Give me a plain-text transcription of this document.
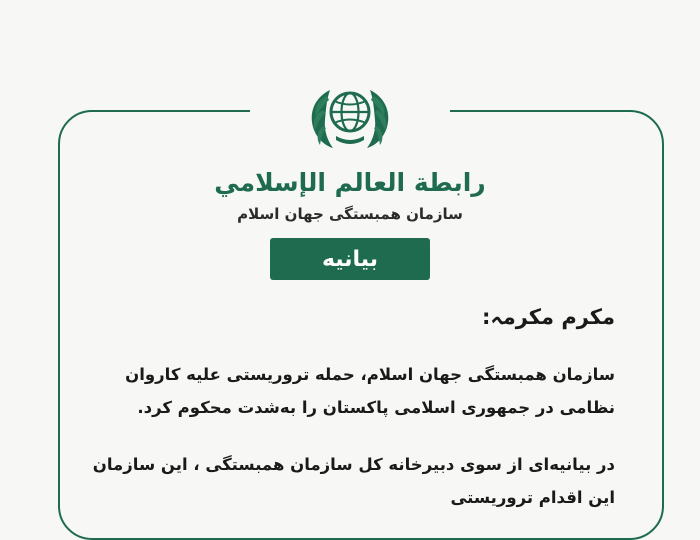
رابطة العالم الإسلامي
سازمان همبستگی جهان اسلام
بیانیه
مکرم مکرمہ:
سازمان همبستگی جهان اسلام، حمله تروریستی علیه کاروان نظامی در جمهوری اسلامی پاکستان را به‌شدت محکوم کرد.
در بیانیه‌ای از سوی دبیرخانه کل سازمان همبستگی ، این سازمان این اقدام تروریستی
